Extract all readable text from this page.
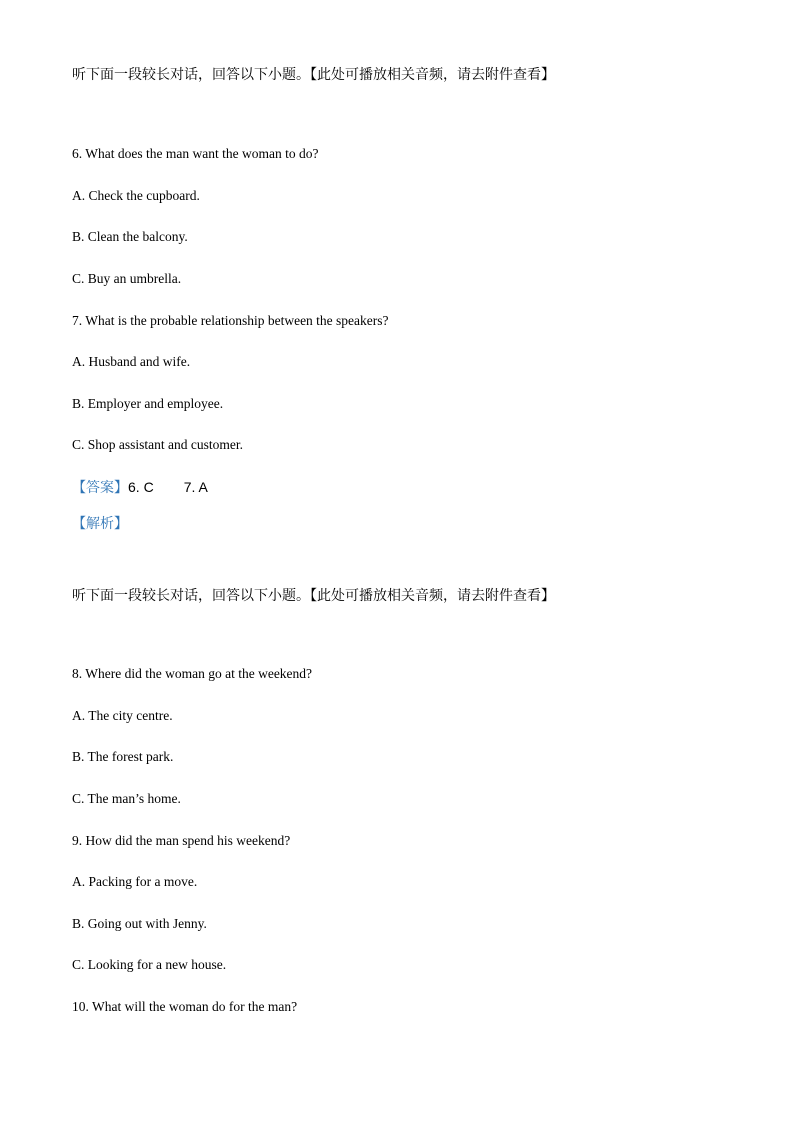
听下面一段较长对话，回答以下小题。【此处可播放相关音频，请去附件查看】
6. What does the man want the woman to do?
A. Check the cupboard.
B. Clean the balcony.
C. Buy an umbrella.
7. What is the probable relationship between the speakers?
A. Husband and wife.
B. Employer and employee.
C. Shop assistant and customer.
【答案】6. C 7. A
【解析】
听下面一段较长对话，回答以下小题。【此处可播放相关音频，请去附件查看】
8. Where did the woman go at the weekend?
A. The city centre.
B. The forest park.
C. The man’s home.
9. How did the man spend his weekend?
A. Packing for a move.
B. Going out with Jenny.
C. Looking for a new house.
10. What will the woman do for the man?
